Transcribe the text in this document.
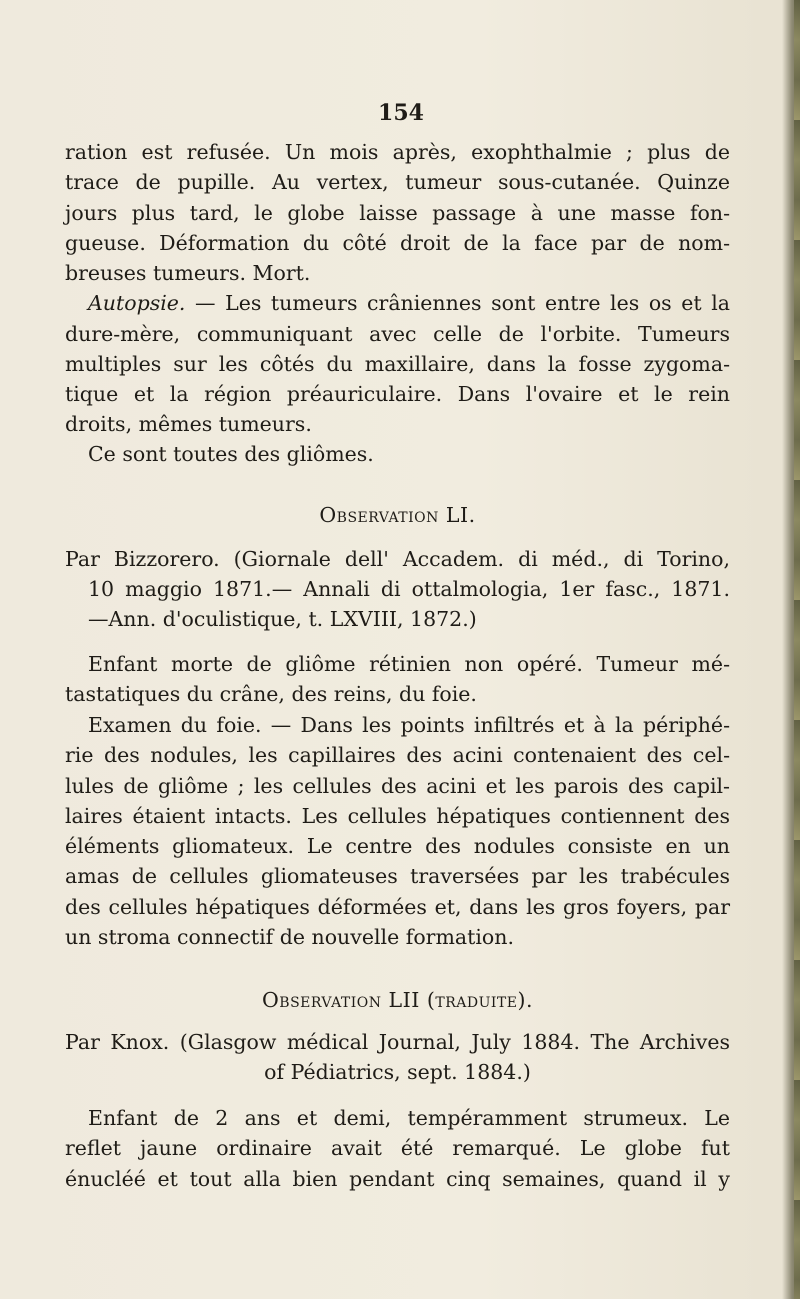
154
ration est refusée. Un mois après, exophthalmie ; plus de
trace de pupille. Au vertex, tumeur sous-cutanée. Quinze
jours plus tard, le globe laisse passage à une masse fon-
gueuse. Déformation du côté droit de la face par de nom-
breuses tumeurs. Mort.
Autopsie. — Les tumeurs crâniennes sont entre les os et la
dure-mère, communiquant avec celle de l'orbite. Tumeurs
multiples sur les côtés du maxillaire, dans la fosse zygoma-
tique et la région préauriculaire. Dans l'ovaire et le rein
droits, mêmes tumeurs.
Ce sont toutes des gliômes.
Observation LI.
Par Bizzorero. (Giornale dell' Accadem. di méd., di Torino,
10 maggio 1871.— Annali di ottalmologia, 1er fasc., 1871.
—Ann. d'oculistique, t. LXVIII, 1872.)
Enfant morte de gliôme rétinien non opéré. Tumeur mé-
tastatiques du crâne, des reins, du foie.
Examen du foie. — Dans les points infiltrés et à la périphé-
rie des nodules, les capillaires des acini contenaient des cel-
lules de gliôme ; les cellules des acini et les parois des capil-
laires étaient intacts. Les cellules hépatiques contiennent des
éléments gliomateux. Le centre des nodules consiste en un
amas de cellules gliomateuses traversées par les trabécules
des cellules hépatiques déformées et, dans les gros foyers, par
un stroma connectif de nouvelle formation.
Observation LII (traduite).
Par Knox. (Glasgow médical Journal, July 1884. The Archives
of Pédiatrics, sept. 1884.)
Enfant de 2 ans et demi, tempéramment strumeux. Le
reflet jaune ordinaire avait été remarqué. Le globe fut
énucléé et tout alla bien pendant cinq semaines, quand il y
